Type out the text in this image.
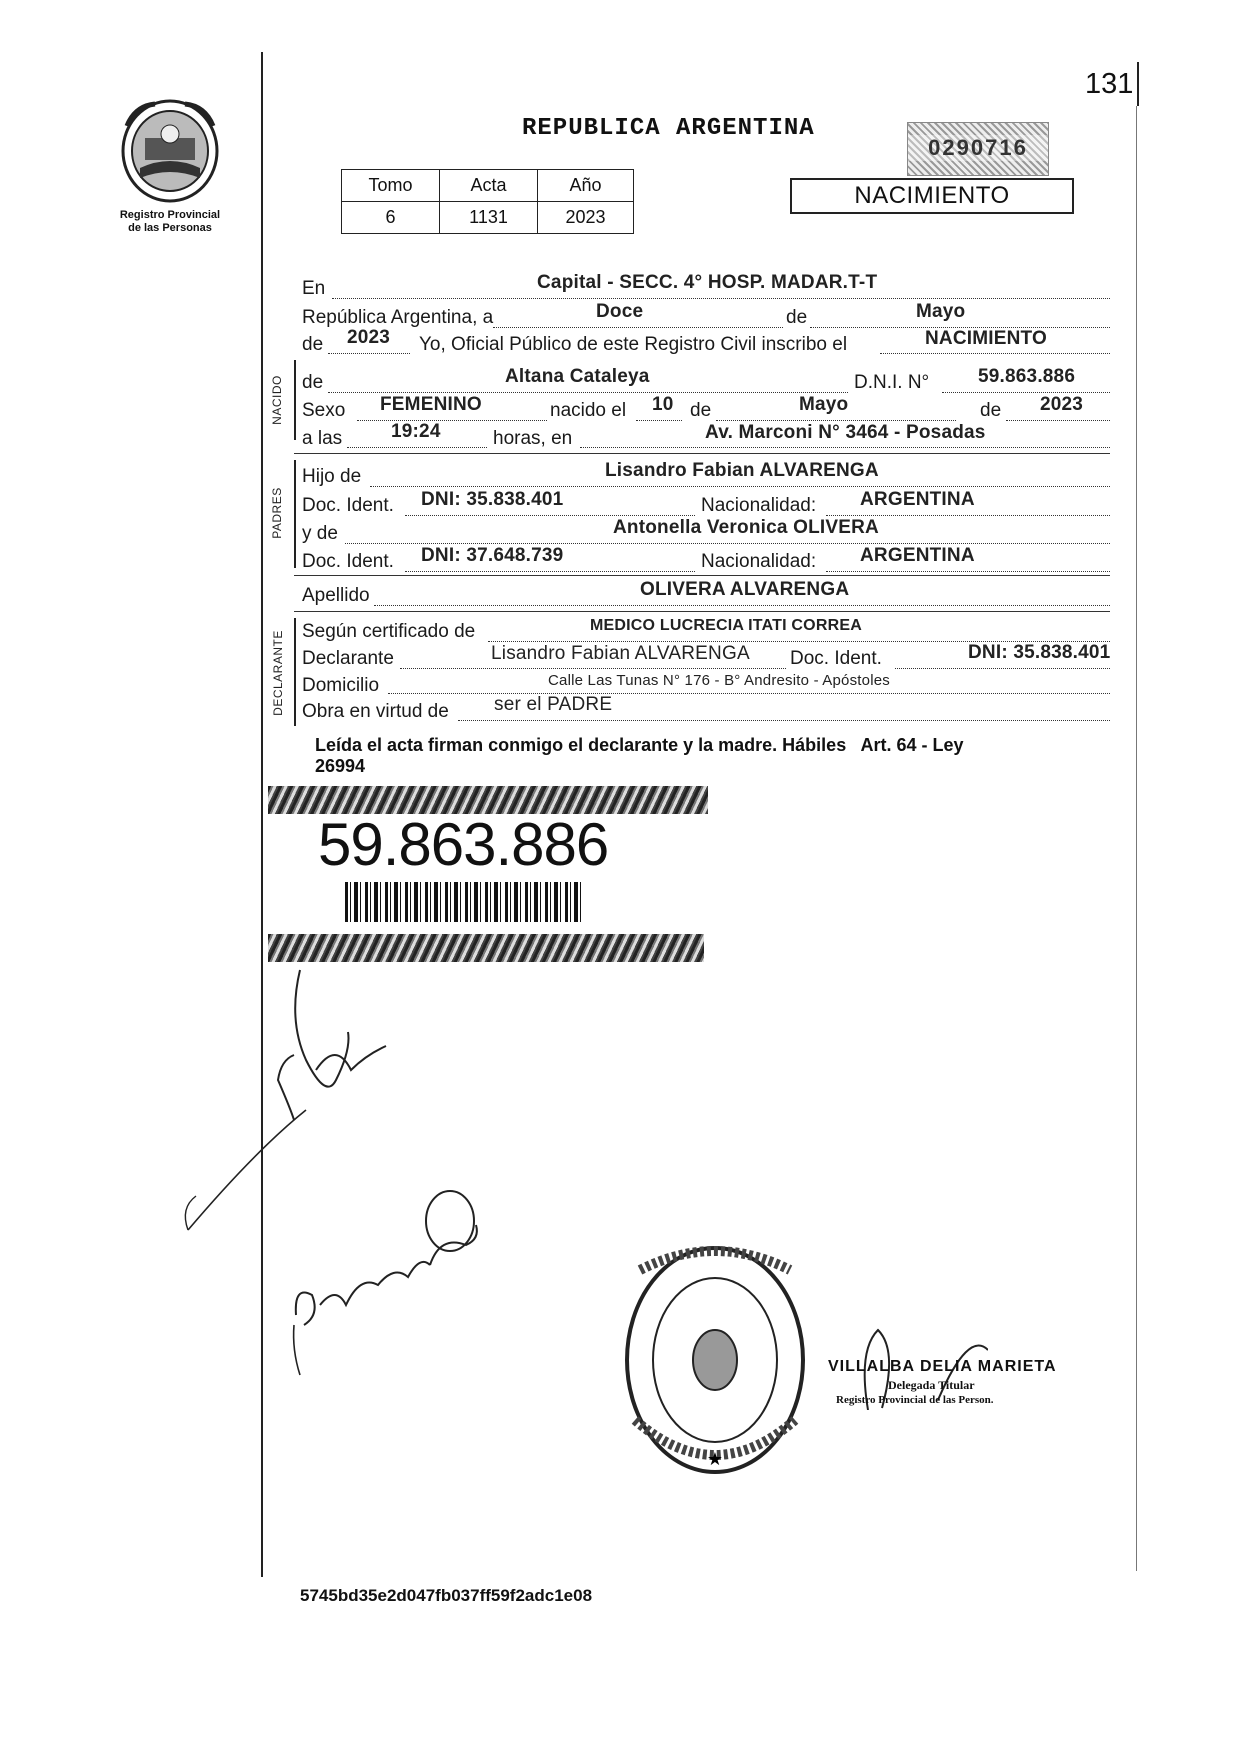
131
Registro Provincial
de las Personas
REPUBLICA ARGENTINA
0290716
Tomo	Acta	Año
6	1131	2023
NACIMIENTO
En	Capital - SECC. 4° HOSP. MADAR.T-T
República Argentina, a	Doce	de	Mayo
de 2023 Yo, Oficial Público de este Registro Civil inscribo el	NACIMIENTO
NACIDO de	Altana Cataleya	D.N.I. N°	59.863.886
Sexo FEMENINO	nacido el 10 de	Mayo	de 2023
a las	19:24	horas, en	Av. Marconi N° 3464 - Posadas
PADRES
Hijo de	Lisandro Fabian ALVARENGA
Doc. Ident. DNI: 35.838.401	Nacionalidad: ARGENTINA
y de	Antonella Veronica OLIVERA
Doc. Ident. DNI: 37.648.739	Nacionalidad: ARGENTINA
Apellido	OLIVERA ALVARENGA
DECLARANTE Según certificado de	MEDICO LUCRECIA ITATI CORREA
Declarante	Lisandro Fabian ALVARENGA Doc. Ident.	DNI: 35.838.401
Domicilio	Calle Las Tunas N° 176 - B° Andresito - Apóstoles
Obra en virtud de ser el PADRE
Leída el acta firman conmigo el declarante y la madre. Hábiles   Art. 64 - Ley
26994
59.863.886
★
VILLALBA DELIA MARIETA
Delegada Titular
Registro Provincial de las Person.
5745bd35e2d047fb037ff59f2adc1e08
